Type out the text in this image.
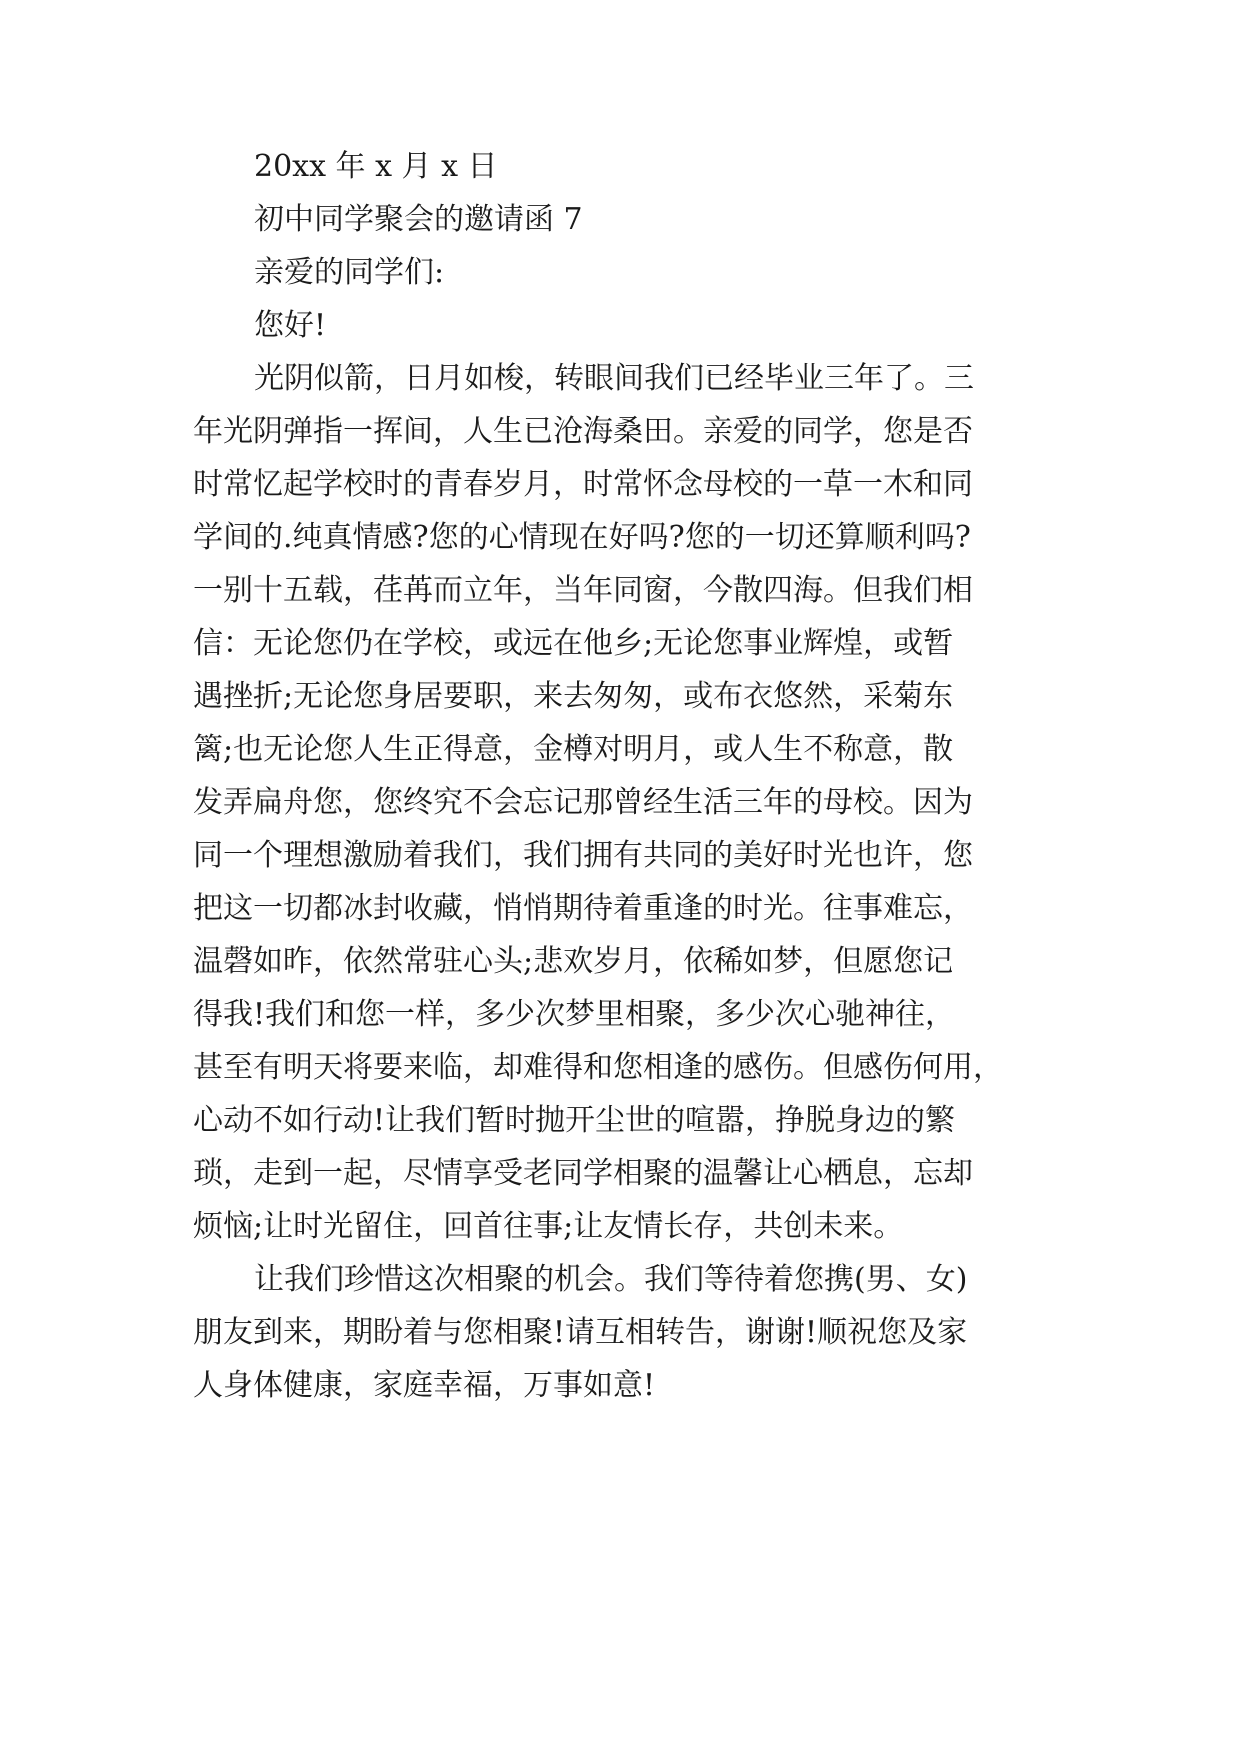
20xx 年 x 月 x 日
初中同学聚会的邀请函 7
亲爱的同学们:
您好!
光阴似箭，日月如梭，转眼间我们已经毕业三年了。三
年光阴弹指一挥间，人生已沧海桑田。亲爱的同学，您是否
时常忆起学校时的青春岁月，时常怀念母校的一草一木和同
学间的.纯真情感?您的心情现在好吗?您的一切还算顺利吗?
一别十五载，荏苒而立年，当年同窗，今散四海。但我们相
信：无论您仍在学校，或远在他乡;无论您事业辉煌，或暂
遇挫折;无论您身居要职，来去匆匆，或布衣悠然，采菊东
篱;也无论您人生正得意，金樽对明月，或人生不称意，散
发弄扁舟您，您终究不会忘记那曾经生活三年的母校。因为
同一个理想激励着我们，我们拥有共同的美好时光也许，您
把这一切都冰封收藏，悄悄期待着重逢的时光。往事难忘，
温磬如昨，依然常驻心头;悲欢岁月，依稀如梦，但愿您记
得我!我们和您一样，多少次梦里相聚，多少次心驰神往，
甚至有明天将要来临，却难得和您相逢的感伤。但感伤何用，
心动不如行动!让我们暂时抛开尘世的喧嚣，挣脱身边的繁
琐，走到一起，尽情享受老同学相聚的温馨让心栖息，忘却
烦恼;让时光留住，回首往事;让友情长存，共创未来。
让我们珍惜这次相聚的机会。我们等待着您携(男、女)
朋友到来，期盼着与您相聚!请互相转告，谢谢!顺祝您及家
人身体健康，家庭幸福，万事如意!
